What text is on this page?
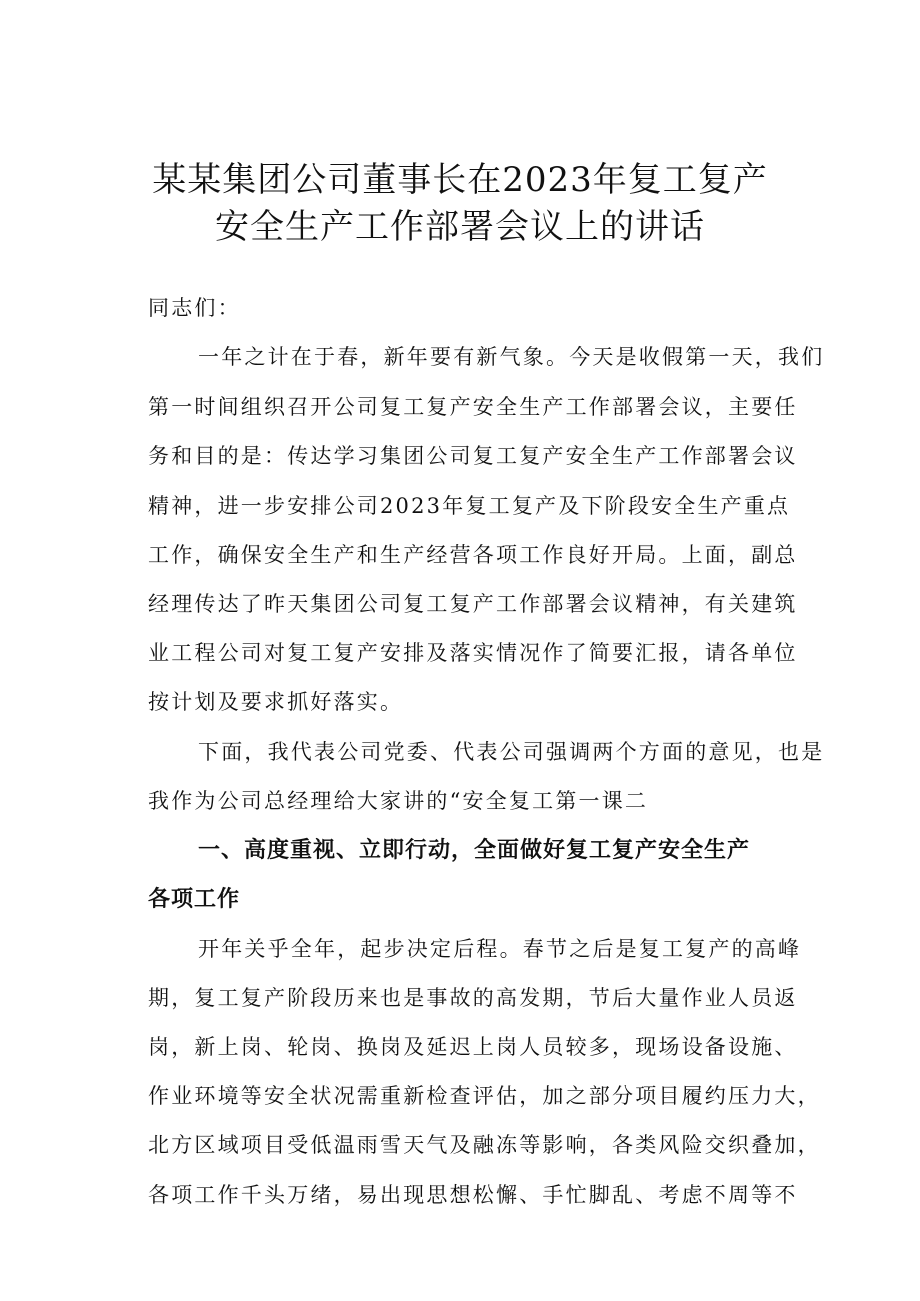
某某集团公司董事长在2023年复工复产
安全生产工作部署会议上的讲话
同志们：
一年之计在于春，新年要有新气象。今天是收假第一天，我们
第一时间组织召开公司复工复产安全生产工作部署会议，主要任
务和目的是：传达学习集团公司复工复产安全生产工作部署会议
精神，进一步安排公司2023年复工复产及下阶段安全生产重点
工作，确保安全生产和生产经营各项工作良好开局。上面，副总
经理传达了昨天集团公司复工复产工作部署会议精神，有关建筑
业工程公司对复工复产安排及落实情况作了简要汇报，请各单位
按计划及要求抓好落实。
下面，我代表公司党委、代表公司强调两个方面的意见，也是
我作为公司总经理给大家讲的“安全复工第一课二
一、高度重视、立即行动，全面做好复工复产安全生产
各项工作
开年关乎全年，起步决定后程。春节之后是复工复产的高峰
期，复工复产阶段历来也是事故的高发期，节后大量作业人员返
岗，新上岗、轮岗、换岗及延迟上岗人员较多，现场设备设施、
作业环境等安全状况需重新检查评估，加之部分项目履约压力大，
北方区域项目受低温雨雪天气及融冻等影响，各类风险交织叠加，
各项工作千头万绪，易出现思想松懈、手忙脚乱、考虑不周等不
